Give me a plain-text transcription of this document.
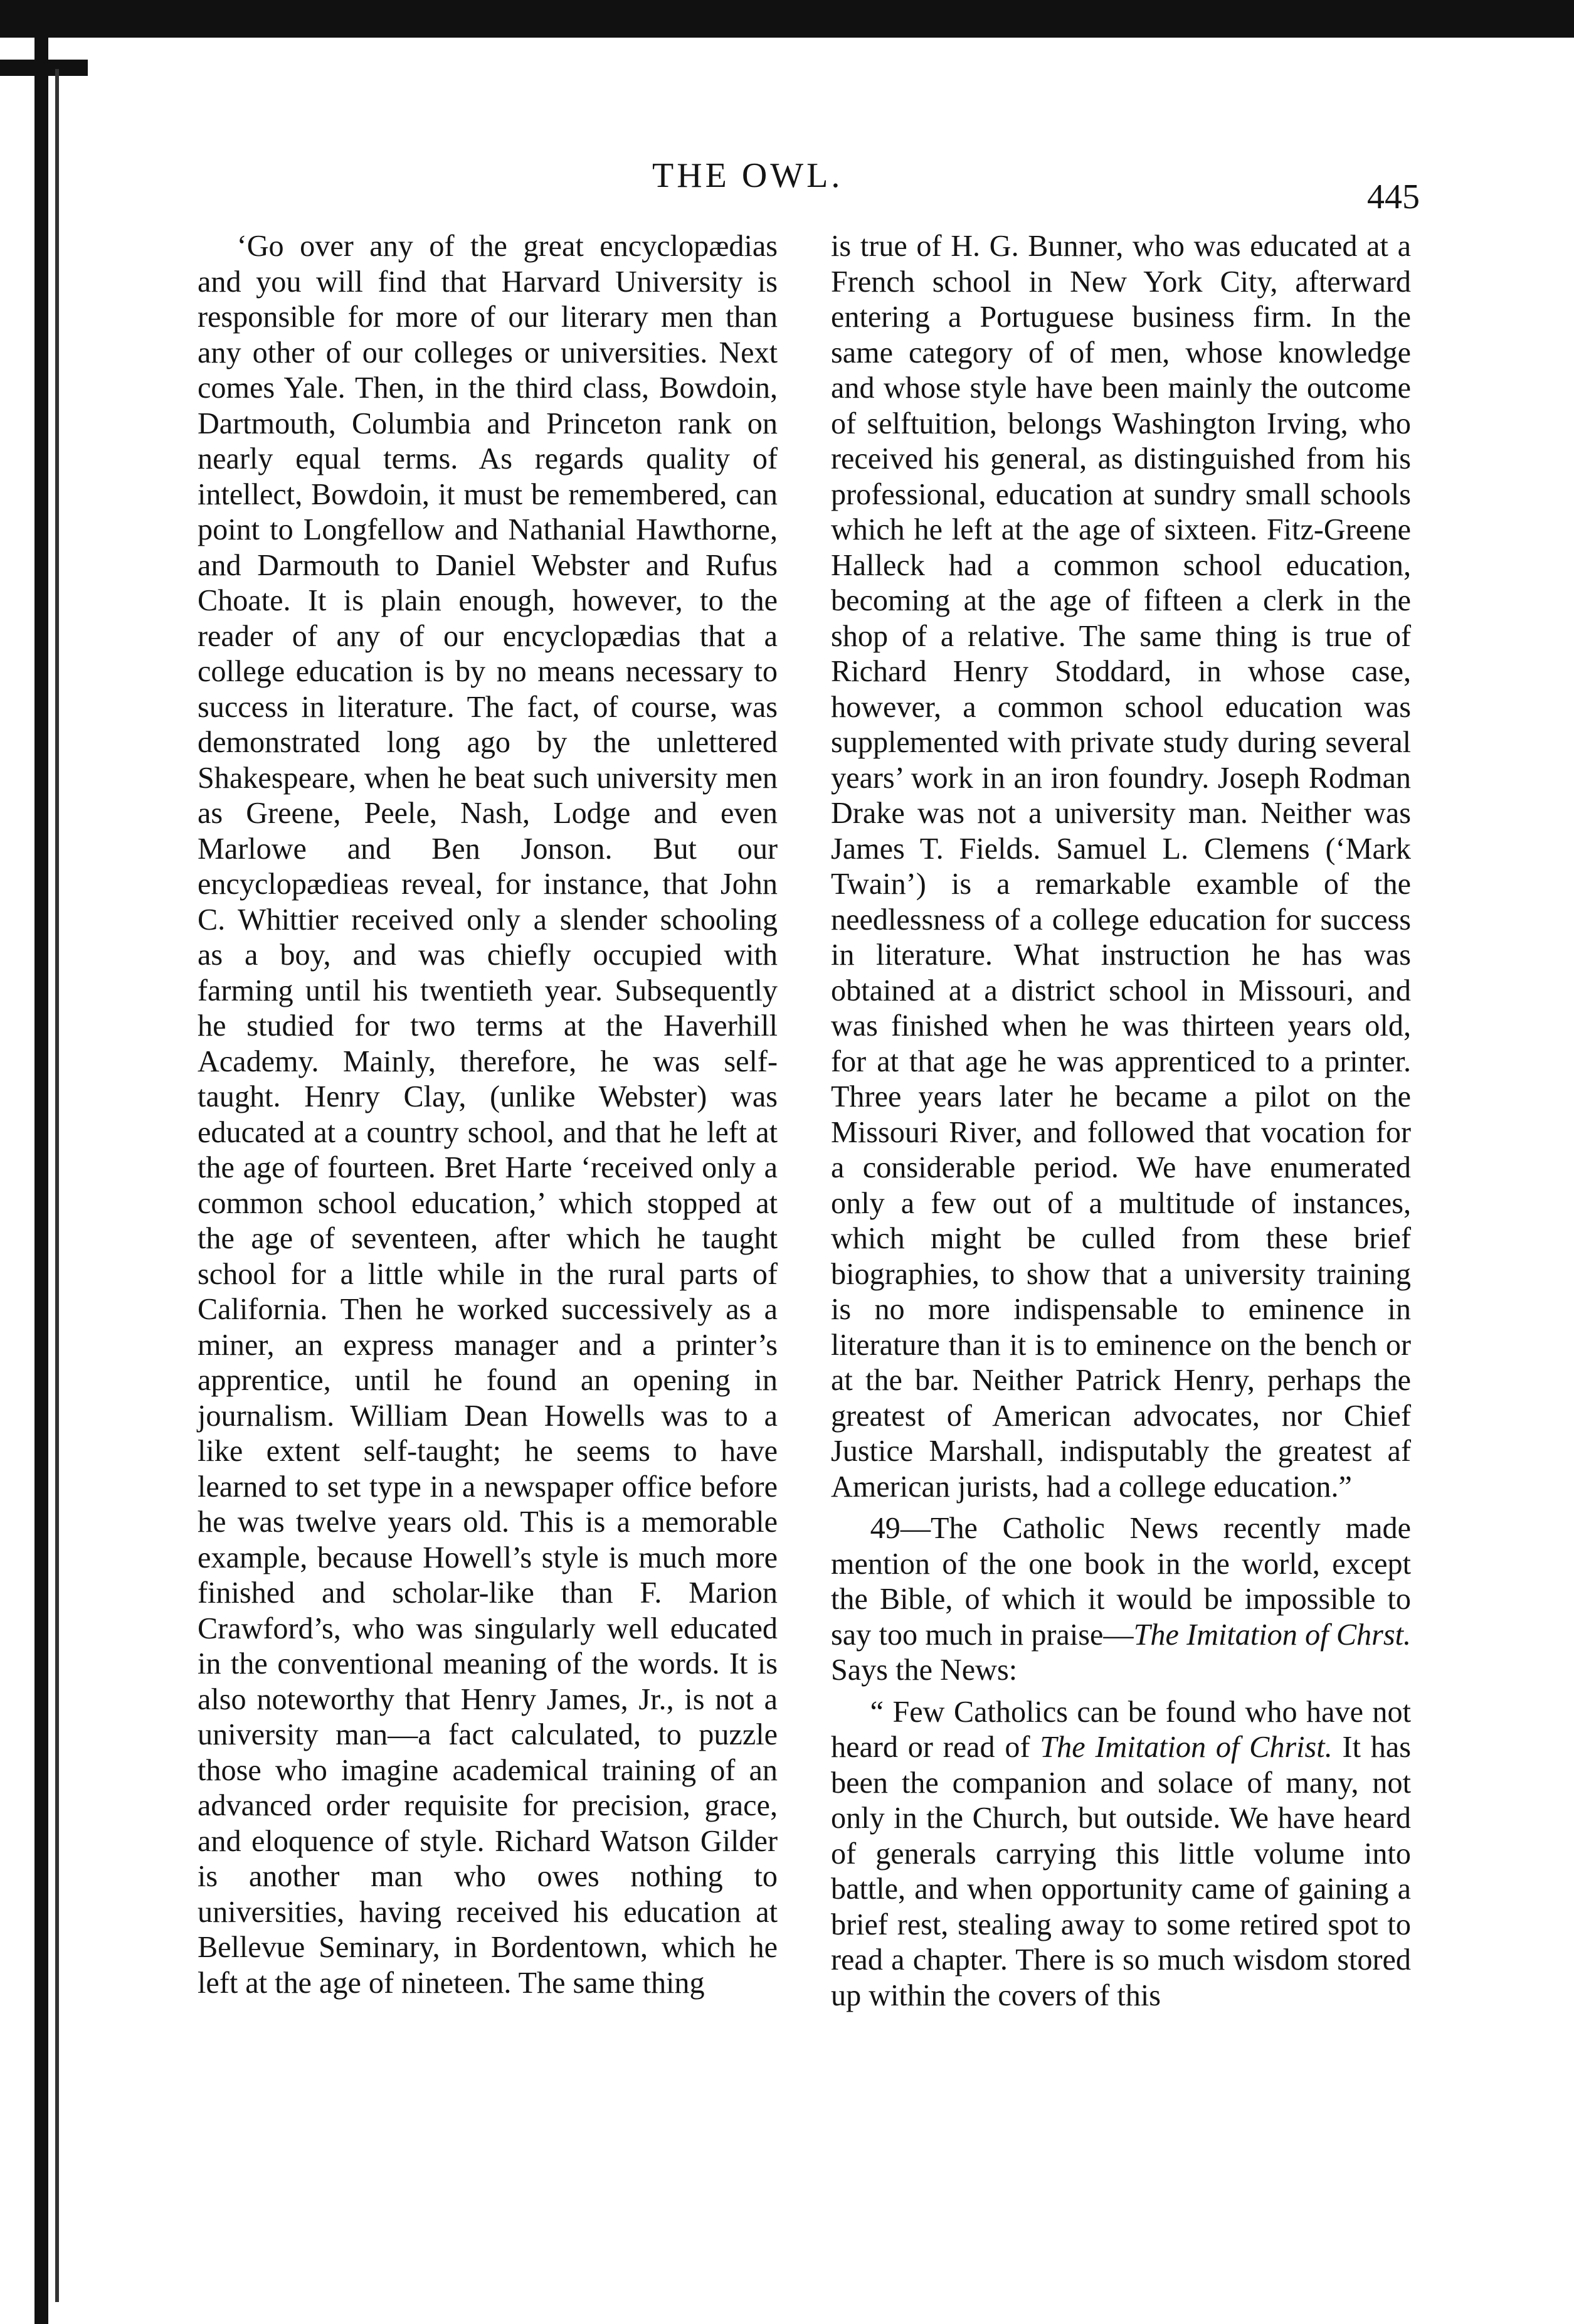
THE OWL.
445

‘Go over any of the great encyclopædias and you will find that Harvard University is responsible for more of our literary men than any other of our colleges or universities. Next comes Yale. Then, in the third class, Bowdoin, Dartmouth, Columbia and Princeton rank on nearly equal terms. As regards quality of intellect, Bowdoin, it must be remembered, can point to Longfellow and Nathanial Hawthorne, and Darmouth to Daniel Webster and Rufus Choate. It is plain enough, however, to the reader of any of our encyclopædias that a college education is by no means necessary to success in literature. The fact, of course, was demonstrated long ago by the unlettered Shakespeare, when he beat such university men as Greene, Peele, Nash, Lodge and even Marlowe and Ben Jonson. But our encyclopædieas reveal, for instance, that John C. Whittier received only a slender schooling as a boy, and was chiefly occupied with farming until his twentieth year. Subsequently he studied for two terms at the Haverhill Academy. Mainly, therefore, he was self-taught. Henry Clay, (unlike Webster) was educated at a country school, and that he left at the age of fourteen. Bret Harte ‘received only a common school education,’ which stopped at the age of seventeen, after which he taught school for a little while in the rural parts of California. Then he worked successively as a miner, an express manager and a printer’s apprentice, until he found an opening in journalism. William Dean Howells was to a like extent self-taught; he seems to have learned to set type in a newspaper office before he was twelve years old. This is a memorable example, because Howell’s style is much more finished and scholar-like than F. Marion Crawford’s, who was singularly well educated in the conventional meaning of the words. It is also noteworthy that Henry James, Jr., is not a university man—a fact calculated, to puzzle those who imagine academical training of an advanced order requisite for precision, grace, and eloquence of style. Richard Watson Gilder is another man who owes nothing to universities, having received his education at Bellevue Seminary, in Bordentown, which he left at the age of nineteen. The same thing

is true of H. G. Bunner, who was educated at a French school in New York City, afterward entering a Portuguese business firm. In the same category of of men, whose knowledge and whose style have been mainly the outcome of selftuition, belongs Washington Irving, who received his general, as distinguished from his professional, education at sundry small schools which he left at the age of sixteen. Fitz-Greene Halleck had a common school education, becoming at the age of fifteen a clerk in the shop of a relative. The same thing is true of Richard Henry Stoddard, in whose case, however, a common school education was supplemented with private study during several years’ work in an iron foundry. Joseph Rodman Drake was not a university man. Neither was James T. Fields. Samuel L. Clemens (‘Mark Twain’) is a remarkable examble of the needlessness of a college education for success in literature. What instruction he has was obtained at a district school in Missouri, and was finished when he was thirteen years old, for at that age he was apprenticed to a printer. Three years later he became a pilot on the Missouri River, and followed that vocation for a considerable period. We have enumerated only a few out of a multitude of instances, which might be culled from these brief biographies, to show that a university training is no more indispensable to eminence in literature than it is to eminence on the bench or at the bar. Neither Patrick Henry, perhaps the greatest of American advocates, nor Chief Justice Marshall, indisputably the greatest af American jurists, had a college education.”

49—The Catholic News recently made mention of the one book in the world, except the Bible, of which it would be impossible to say too much in praise—The Imitation of Chrst. Says the News:

“ Few Catholics can be found who have not heard or read of The Imitation of Christ. It has been the companion and solace of many, not only in the Church, but outside. We have heard of generals carrying this little volume into battle, and when opportunity came of gaining a brief rest, stealing away to some retired spot to read a chapter. There is so much wisdom stored up within the covers of this
